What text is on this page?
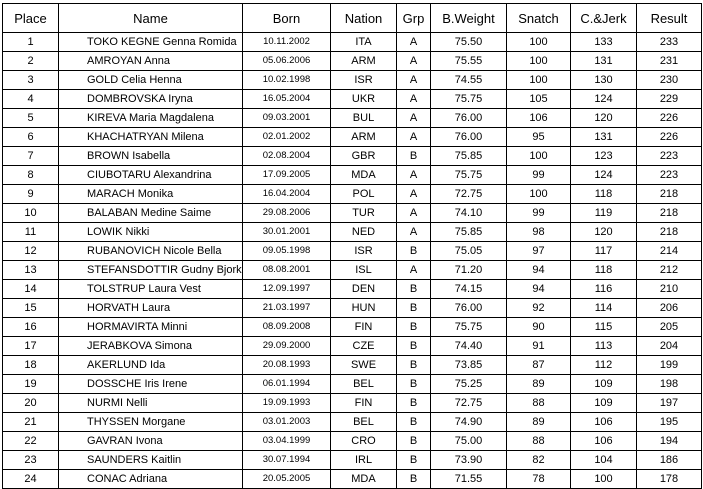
Place	Name	Born	Nation	Grp	B.Weight	Snatch	C.&Jerk	Result
1	TOKO KEGNE Genna Romida	10.11.2002	ITA	A	75.50	100	133	233
2	AMROYAN Anna	05.06.2006	ARM	A	75.55	100	131	231
3	GOLD Celia Henna	10.02.1998	ISR	A	74.55	100	130	230
4	DOMBROVSKA Iryna	16.05.2004	UKR	A	75.75	105	124	229
5	KIREVA Maria Magdalena	09.03.2001	BUL	A	76.00	106	120	226
6	KHACHATRYAN Milena	02.01.2002	ARM	A	76.00	95	131	226
7	BROWN Isabella	02.08.2004	GBR	B	75.85	100	123	223
8	CIUBOTARU Alexandrina	17.09.2005	MDA	A	75.75	99	124	223
9	MARACH Monika	16.04.2004	POL	A	72.75	100	118	218
10	BALABAN Medine Saime	29.08.2006	TUR	A	74.10	99	119	218
11	LOWIK Nikki	30.01.2001	NED	A	75.85	98	120	218
12	RUBANOVICH Nicole Bella	09.05.1998	ISR	B	75.05	97	117	214
13	STEFANSDOTTIR Gudny Bjork	08.08.2001	ISL	A	71.20	94	118	212
14	TOLSTRUP Laura Vest	12.09.1997	DEN	B	74.15	94	116	210
15	HORVATH Laura	21.03.1997	HUN	B	76.00	92	114	206
16	HORMAVIRTA Minni	08.09.2008	FIN	B	75.75	90	115	205
17	JERABKOVA Simona	29.09.2000	CZE	B	74.40	91	113	204
18	AKERLUND Ida	20.08.1993	SWE	B	73.85	87	112	199
19	DOSSCHE Iris Irene	06.01.1994	BEL	B	75.25	89	109	198
20	NURMI Nelli	19.09.1993	FIN	B	72.75	88	109	197
21	THYSSEN Morgane	03.01.2003	BEL	B	74.90	89	106	195
22	GAVRAN Ivona	03.04.1999	CRO	B	75.00	88	106	194
23	SAUNDERS Kaitlin	30.07.1994	IRL	B	73.90	82	104	186
24	CONAC Adriana	20.05.2005	MDA	B	71.55	78	100	178
